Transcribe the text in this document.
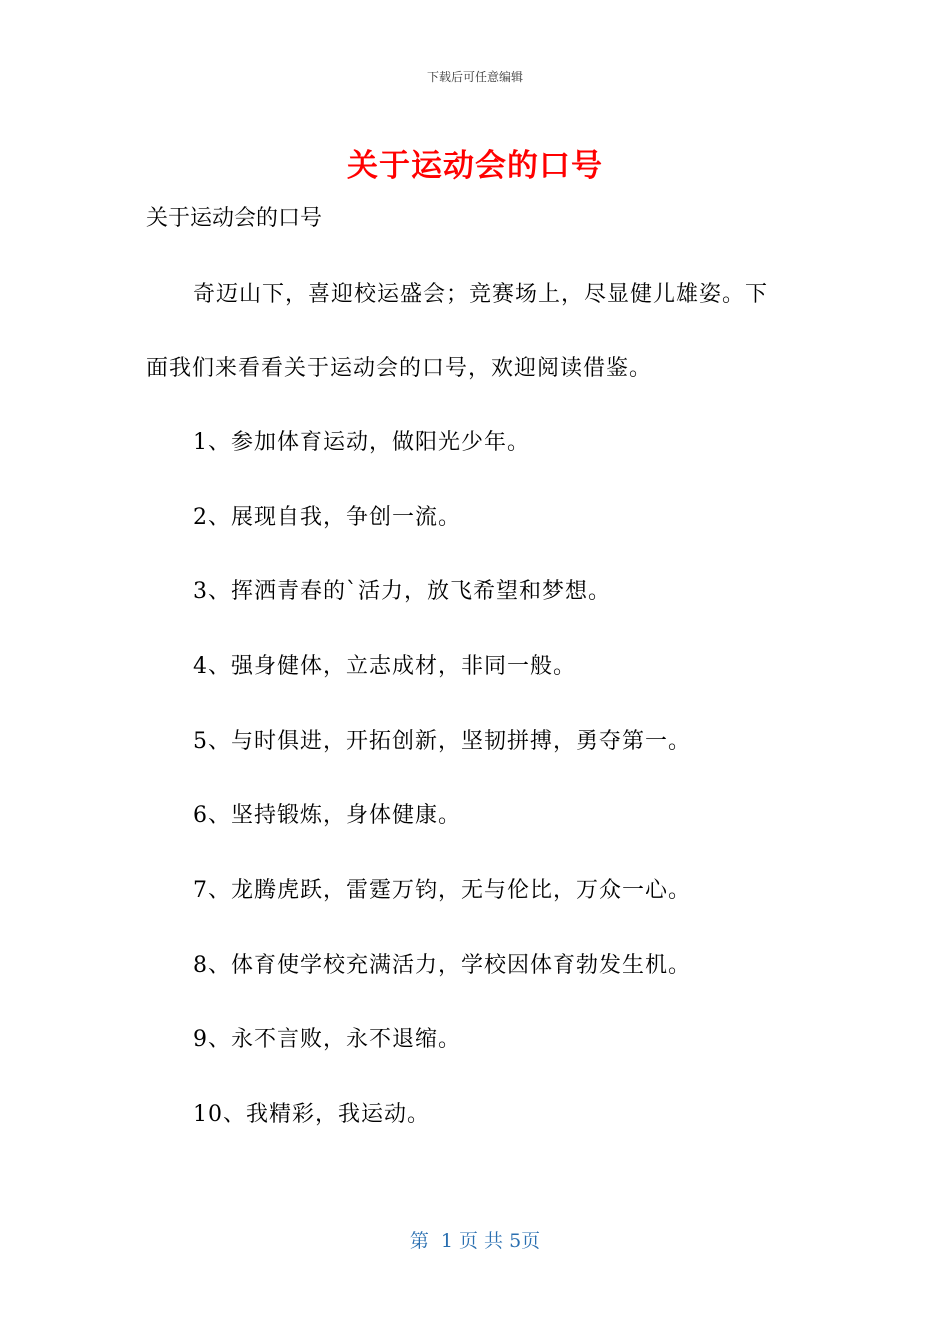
下载后可任意编辑
关于运动会的口号
关于运动会的口号
奇迈山下，喜迎校运盛会；竞赛场上，尽显健儿雄姿。下
面我们来看看关于运动会的口号，欢迎阅读借鉴。
1、参加体育运动，做阳光少年。
2、展现自我，争创一流。
3、挥洒青春的`活力，放飞希望和梦想。
4、强身健体，立志成材，非同一般。
5、与时俱进，开拓创新，坚韧拼搏，勇夺第一。
6、坚持锻炼，身体健康。
7、龙腾虎跃，雷霆万钧，无与伦比，万众一心。
8、体育使学校充满活力，学校因体育勃发生机。
9、永不言败，永不退缩。
10、我精彩，我运动。
第  1 页 共 5页
